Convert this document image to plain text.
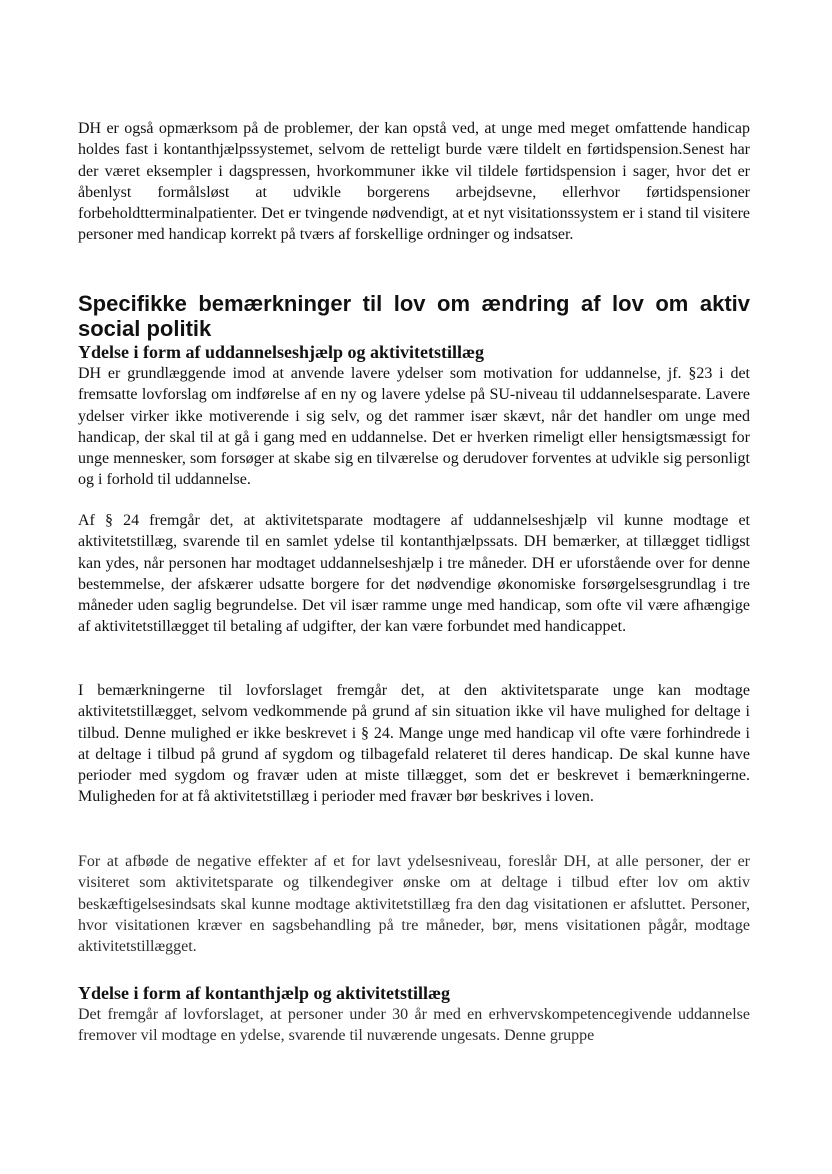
DH er også opmærksom på de problemer, der kan opstå ved, at unge med meget omfattende handicap holdes fast i kontanthjælpssystemet, selvom de retteligt burde være tildelt en førtidspension.Senest har der været eksempler i dagspressen, hvorkommuner ikke vil tildele førtidspension i sager, hvor det er åbenlyst formålsløst at udvikle borgerens arbejdsevne, ellerhvor førtidspensioner forbeholdtterminalpatienter. Det er tvingende nødvendigt, at et nyt visitationssystem er i stand til visitere personer med handicap korrekt på tværs af forskellige ordninger og indsatser.

Specifikke bemærkninger til lov om ændring af lov om aktiv social politik
Ydelse i form af uddannelseshjælp og aktivitetstillæg

DH er grundlæggende imod at anvende lavere ydelser som motivation for uddannelse, jf. §23 i det fremsatte lovforslag om indførelse af en ny og lavere ydelse på SU-niveau til uddannelsesparate. Lavere ydelser virker ikke motiverende i sig selv, og det rammer især skævt, når det handler om unge med handicap, der skal til at gå i gang med en uddannelse. Det er hverken rimeligt eller hensigtsmæssigt for unge mennesker, som forsøger at skabe sig en tilværelse og derudover forventes at udvikle sig personligt og i forhold til uddannelse.

Af § 24 fremgår det, at aktivitetsparate modtagere af uddannelseshjælp vil kunne modtage et aktivitetstillæg, svarende til en samlet ydelse til kontanthjælpssats. DH bemærker, at tillægget tidligst kan ydes, når personen har modtaget uddannelseshjælp i tre måneder. DH er uforstående over for denne bestemmelse, der afskærer udsatte borgere for det nødvendige økonomiske forsørgelsesgrundlag i tre måneder uden saglig begrundelse. Det vil især ramme unge med handicap, som ofte vil være afhængige af aktivitetstillægget til betaling af udgifter, der kan være forbundet med handicappet.

I bemærkningerne til lovforslaget fremgår det, at den aktivitetsparate unge kan modtage aktivitetstillægget, selvom vedkommende på grund af sin situation ikke vil have mulighed for deltage i tilbud. Denne mulighed er ikke beskrevet i § 24. Mange unge med handicap vil ofte være forhindrede i at deltage i tilbud på grund af sygdom og tilbagefald relateret til deres handicap. De skal kunne have perioder med sygdom og fravær uden at miste tillægget, som det er beskrevet i bemærkningerne. Muligheden for at få aktivitetstillæg i perioder med fravær bør beskrives i loven.

For at afbøde de negative effekter af et for lavt ydelsesniveau, foreslår DH, at alle personer, der er visiteret som aktivitetsparate og tilkendegiver ønske om at deltage i tilbud efter lov om aktiv beskæftigelsesindsats skal kunne modtage aktivitetstillæg fra den dag visitationen er afsluttet. Personer, hvor visitationen kræver en sagsbehandling på tre måneder, bør, mens visitationen pågår, modtage aktivitetstillægget.

Ydelse i form af kontanthjælp og aktivitetstillæg

Det fremgår af lovforslaget, at personer under 30 år med en erhvervskompetencegivende uddannelse fremover vil modtage en ydelse, svarende til nuværende ungesats. Denne gruppe
